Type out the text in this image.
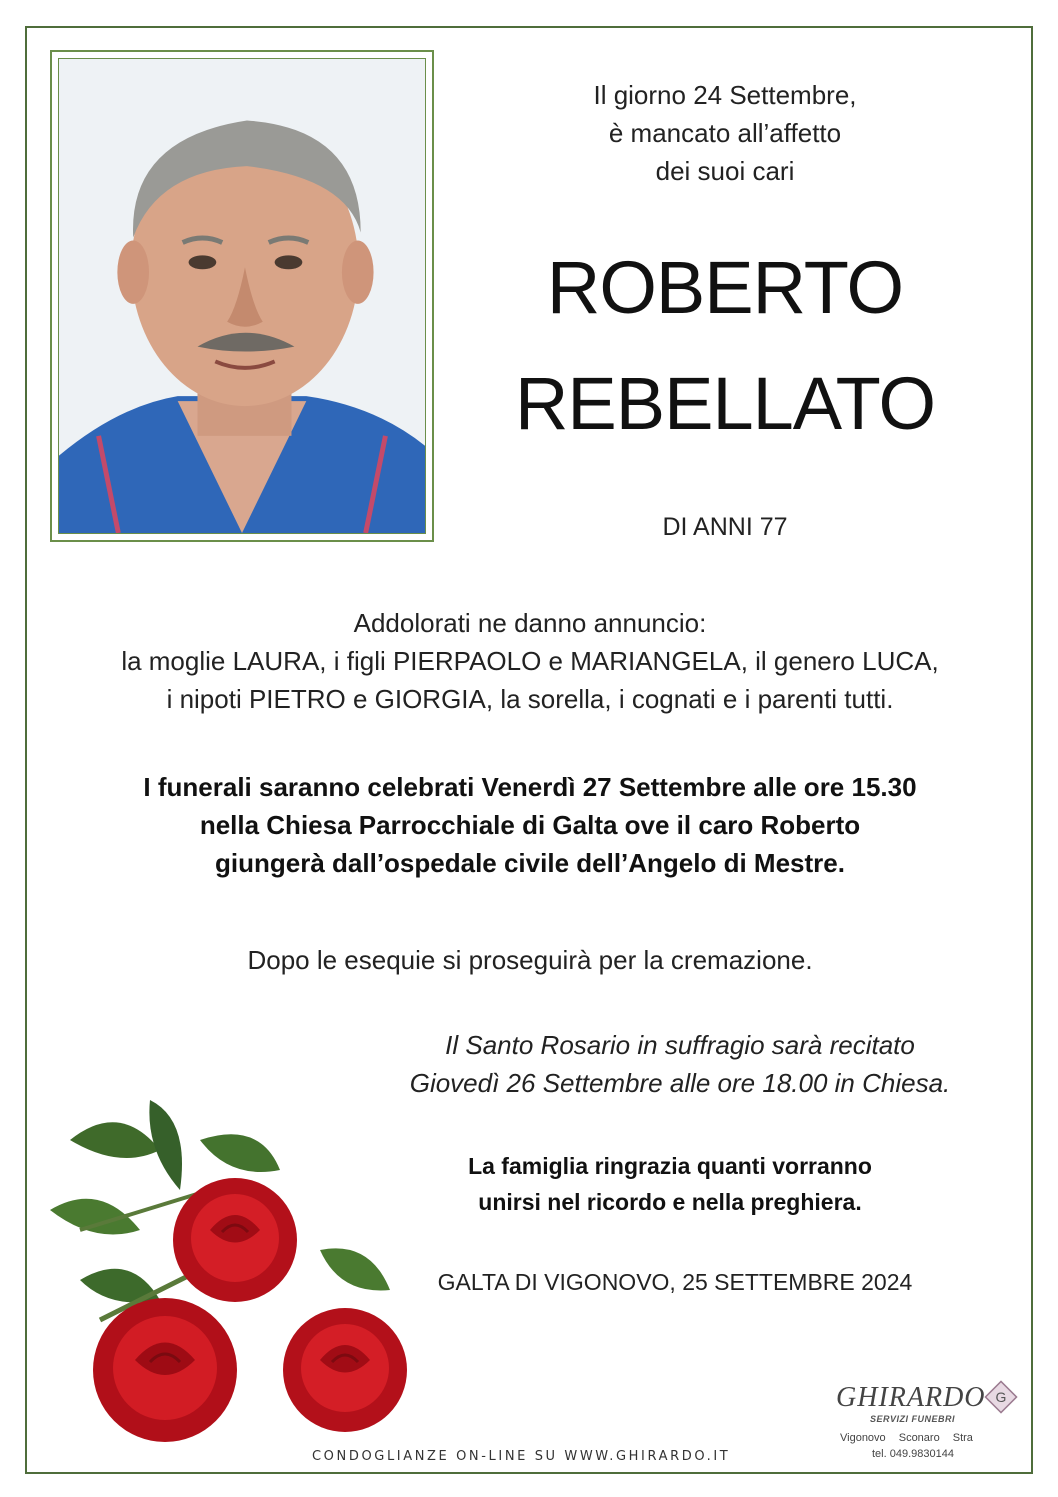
Il giorno 24 Settembre,
è mancato all’affetto
dei suoi cari
ROBERTO
REBELLATO
DI ANNI 77
Addolorati ne danno annuncio:
la moglie LAURA, i figli PIERPAOLO e MARIANGELA, il genero LUCA,
i nipoti PIETRO e GIORGIA, la sorella, i cognati e i parenti tutti.
I funerali saranno celebrati Venerdì 27 Settembre alle ore 15.30
nella Chiesa Parrocchiale di Galta ove il caro Roberto
giungerà dall’ospedale civile dell’Angelo di Mestre.
Dopo le esequie si proseguirà per la cremazione.
Il Santo Rosario in suffragio sarà recitato
Giovedì 26 Settembre alle ore 18.00 in Chiesa.
La famiglia ringrazia quanti vorranno
unirsi nel ricordo e nella preghiera.
GALTA DI VIGONOVO, 25 SETTEMBRE 2024
CONDOGLIANZE ON-LINE SU WWW.GHIRARDO.IT
GHIRARDO
SERVIZI FUNEBRI
G
Vigonovo Sconaro Stra
tel. 049.9830144
